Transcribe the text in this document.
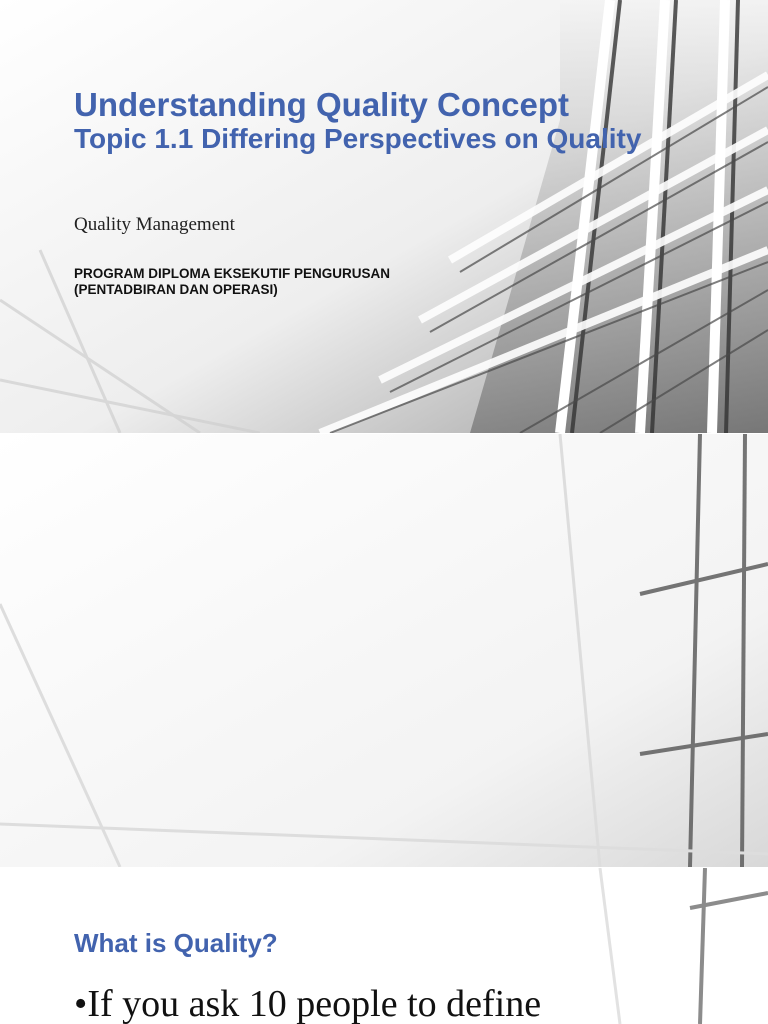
Understanding Quality Concept
Topic 1.1 Differing Perspectives on Quality
Quality Management
PROGRAM DIPLOMA EKSEKUTIF PENGURUSAN
(PENTADBIRAN DAN OPERASI)
What is Quality?
•If you ask 10 people to define
